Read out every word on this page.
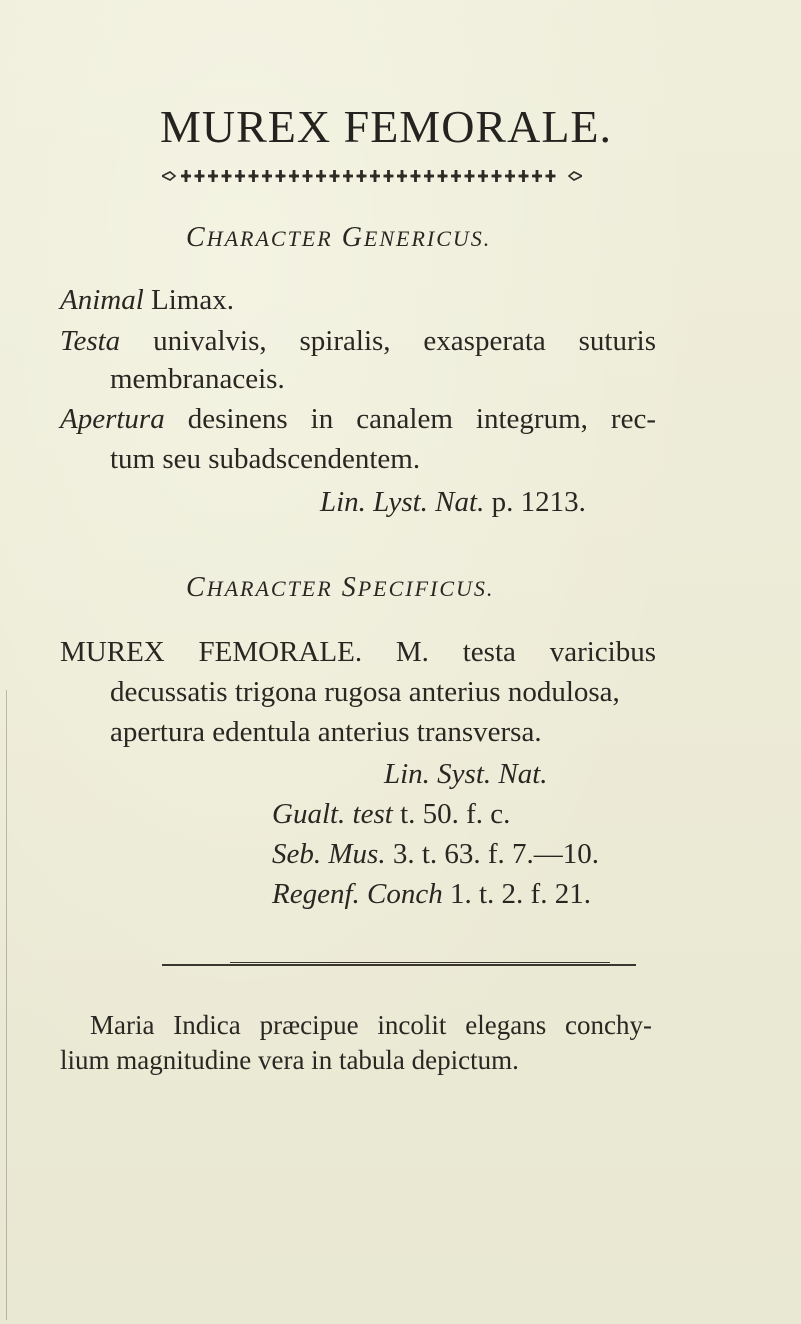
MUREX FEMORALE.
CHARACTER GENERICUS.
Animal Limax.
Testa univalvis, spiralis, exasperata suturis
membranaceis.
Apertura desinens in canalem integrum, rec-
tum seu subadscendentem.
Lin. Lyst. Nat. p. 1213.
CHARACTER SPECIFICUS.
MUREX FEMORALE. M. testa varicibus
decussatis trigona rugosa anterius nodulosa,
apertura edentula anterius transversa.
Lin. Syst. Nat.
Gualt. test t. 50. f. c.
Seb. Mus. 3. t. 63. f. 7.—10.
Regenf. Conch 1. t. 2. f. 21.
Maria Indica præcipue incolit elegans conchy-
lium magnitudine vera in tabula depictum.
